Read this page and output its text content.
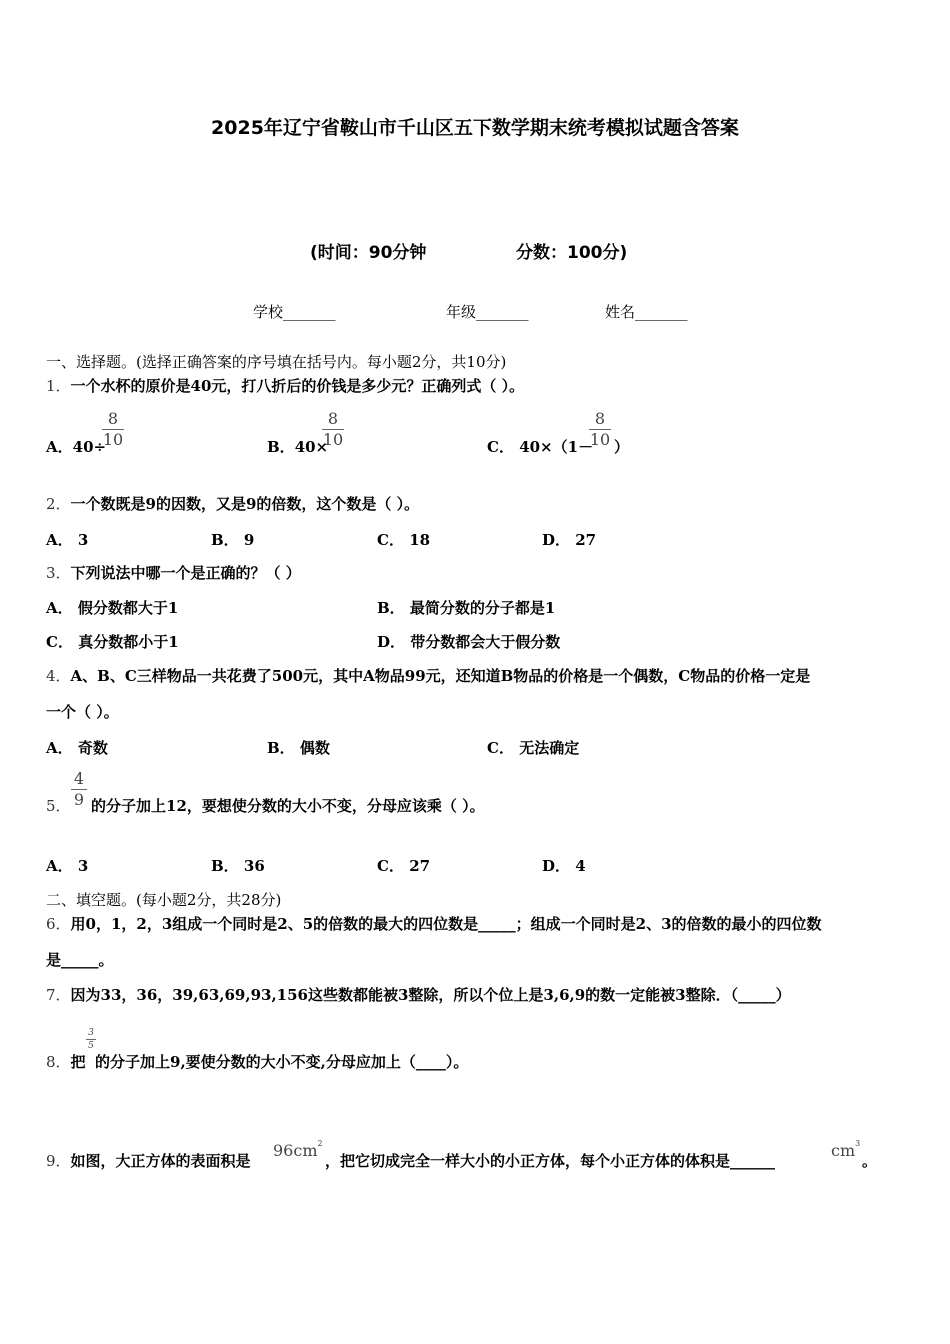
2025年辽宁省鞍山市千山区五下数学期末统考模拟试题含答案
(时间：90分钟	分数：100分)
学校_______	年级_______	姓名_______
一、选择题。(选择正确答案的序号填在括号内。每小题2分，共10分)
1．一个水杯的原价是40元，打八折后的价钱是多少元？正确列式（ ）。
A．40÷
8
10	B．40×
8
10	C． 40×（1－
8
10 ）
2．一个数既是9的因数，又是9的倍数，这个数是（ ）。
A． 3	B． 9	C． 18	D． 27
3．下列说法中哪一个是正确的？（ ）
A． 假分数都大于1	B． 最简分数的分子都是1
C． 真分数都小于1	D． 带分数都会大于假分数
4．A、B、C三样物品一共花费了500元，其中A物品99元，还知道B物品的价格是一个偶数，C物品的价格一定是
一个（ ）。
A． 奇数	B． 偶数	C． 无法确定
5．
4
9 的分子加上12，要想使分数的大小不变，分母应该乘（ ）。
A． 3	B． 36	C． 27	D． 4
二、填空题。(每小题2分，共28分)
6．用0，1，2，3组成一个同时是2、5的倍数的最大的四位数是_____；组成一个同时是2、3的倍数的最小的四位数
是_____。
7．因为33，36，39,63,69,93,156这些数都能被3整除，所以个位上是3,6,9的数一定能被3整除．（_____）
8．把
3
5
的分子加上9,要使分数的大小不变,分母应加上（____）。
9．如图，大正方体的表面积是
$96cm^2$
，把它切成完全一样大小的小正方体，每个小正方体的体积是______
$cm^3$
。
